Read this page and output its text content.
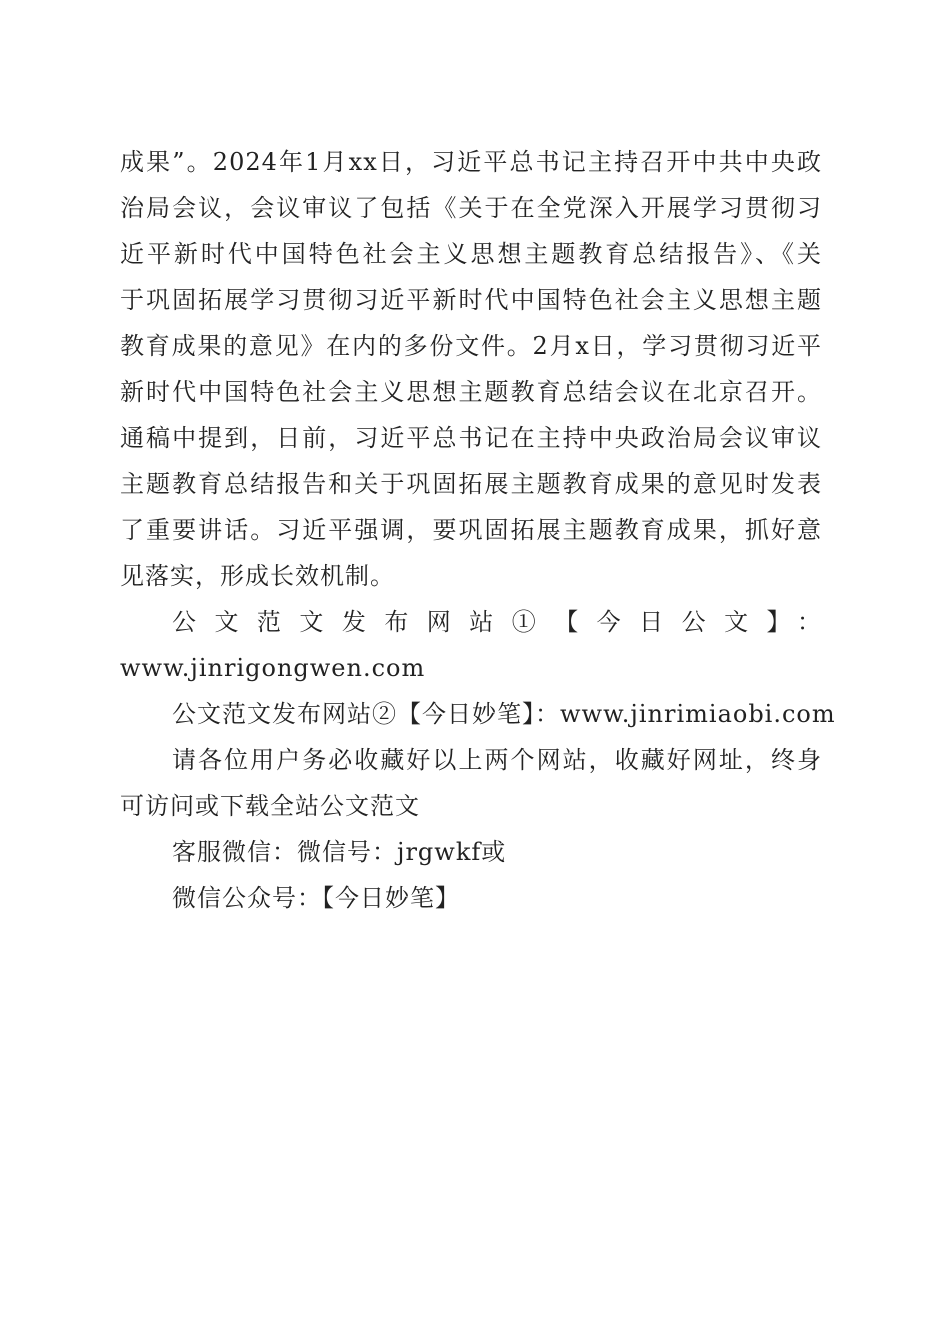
成果”。2024年1月xx日，习近平总书记主持召开中共中央政
治局会议，会议审议了包括《关于在全党深入开展学习贯彻习
近平新时代中国特色社会主义思想主题教育总结报告》、《关
于巩固拓展学习贯彻习近平新时代中国特色社会主义思想主题
教育成果的意见》在内的多份文件。2月x日，学习贯彻习近平
新时代中国特色社会主义思想主题教育总结会议在北京召开。
通稿中提到，日前，习近平总书记在主持中央政治局会议审议
主题教育总结报告和关于巩固拓展主题教育成果的意见时发表
了重要讲话。习近平强调，要巩固拓展主题教育成果，抓好意
见落实，形成长效机制。
公文范文发布网站①【今日公文】：
www.jinrigongwen.com
公文范文发布网站②【今日妙笔】：www.jinrimiaobi.com
请各位用户务必收藏好以上两个网站，收藏好网址，终身
可访问或下载全站公文范文
客服微信：微信号：jrgwkf或
微信公众号：【今日妙笔】
